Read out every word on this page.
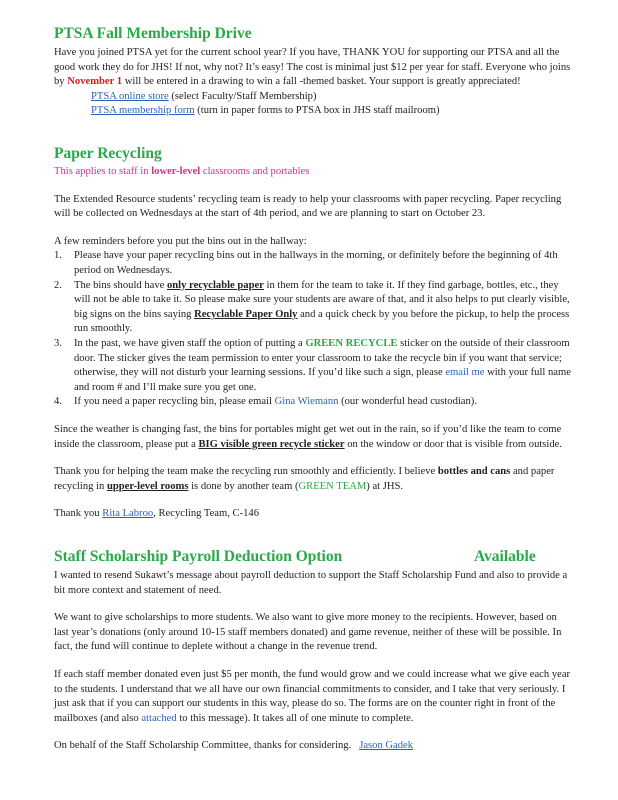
PTSA Fall Membership Drive

Have you joined PTSA yet for the current school year? If you have, THANK YOU for supporting our PTSA and all the good work they do for JHS! If not, why not? It’s easy! The cost is minimal just $12 per year for staff. Everyone who joins by November 1 will be entered in a drawing to win a fall -themed basket. Your support is greatly appreciated!

PTSA online store (select Faculty/Staff Membership)

PTSA membership form (turn in paper forms to PTSA box in JHS staff mailroom)

Paper Recycling

This applies to staff in lower-level classrooms and portables

The Extended Resource students’ recycling team is ready to help your classrooms with paper recycling. Paper recycling will be collected on Wednesdays at the start of 4th period, and we are planning to start on October 23.

A few reminders before you put the bins out in the hallway:

1. Please have your paper recycling bins out in the hallways in the morning, or definitely before the beginning of 4th period on Wednesdays.
2. The bins should have only recyclable paper in them for the team to take it. If they find garbage, bottles, etc., they will not be able to take it. So please make sure your students are aware of that, and it also helps to put clearly visible, big signs on the bins saying Recyclable Paper Only and a quick check by you before the pickup, to help the process run smoothly.
3. In the past, we have given staff the option of putting a GREEN RECYCLE sticker on the outside of their classroom door. The sticker gives the team permission to enter your classroom to take the recycle bin if you want that service; otherwise, they will not disturb your learning sessions. If you’d like such a sign, please email me with your full name and room # and I’ll make sure you get one.
4. If you need a paper recycling bin, please email Gina Wiemann (our wonderful head custodian).

Since the weather is changing fast, the bins for portables might get wet out in the rain, so if you’d like the team to come inside the classroom, please put a BIG visible green recycle sticker on the window or door that is visible from outside.

Thank you for helping the team make the recycling run smoothly and efficiently. I believe bottles and cans and paper recycling in upper-level rooms is done by another team (GREEN TEAM) at JHS.

Thank you Rita Labroo, Recycling Team, C-146

Staff Scholarship Payroll Deduction Option	Available

I wanted to resend Sukawt’s message about payroll deduction to support the Staff Scholarship Fund and also to provide a bit more context and statement of need.

We want to give scholarships to more students. We also want to give more money to the recipients. However, based on last year’s donations (only around 10-15 staff members donated) and game revenue, neither of these will be possible. In fact, the fund will continue to deplete without a change in the revenue trend.

If each staff member donated even just $5 per month, the fund would grow and we could increase what we give each year to the students. I understand that we all have our own financial commitments to consider, and I take that very seriously. I just ask that if you can support our students in this way, please do so. The forms are on the counter right in front of the mailboxes (and also attached to this message). It takes all of one minute to complete.

On behalf of the Staff Scholarship Committee, thanks for considering. Jason Gadek
